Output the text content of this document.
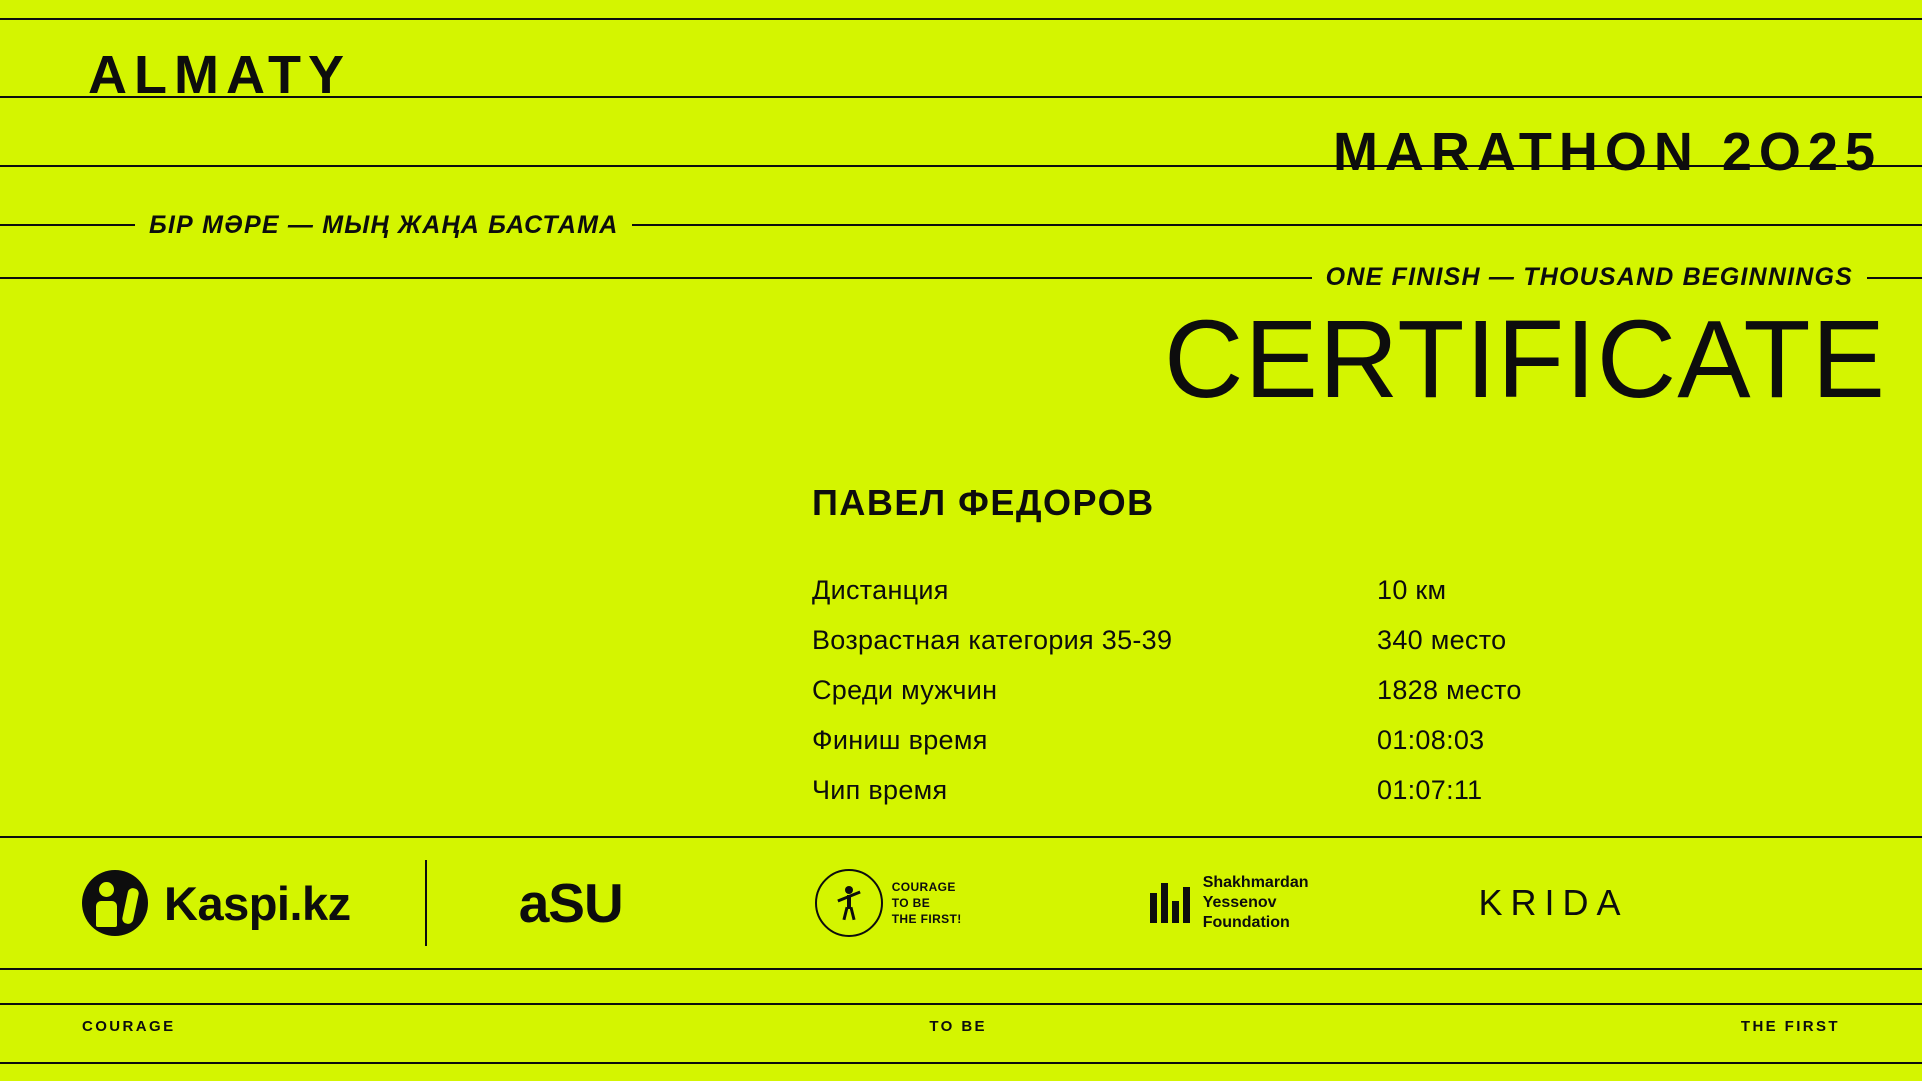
ALMATY
MARATHON 2O25
БІР МӘРЕ — МЫҢ ЖАҢА БАСТАМА
ONE FINISH — THOUSAND BEGINNINGS
CERTIFICATE
ПАВЕЛ ФЕДОРОВ
Дистанция	10 км
Возрастная категория 35-39	340 место
Среди мужчин	1828 место
Финиш время	01:08:03
Чип время	01:07:11
Kaspi.kz	aSU	COURAGE
TO BE
THE FIRST!
Shakhmardan
Yessenov
Foundation	KRIDA
COURAGE	TO BE	THE FIRST
